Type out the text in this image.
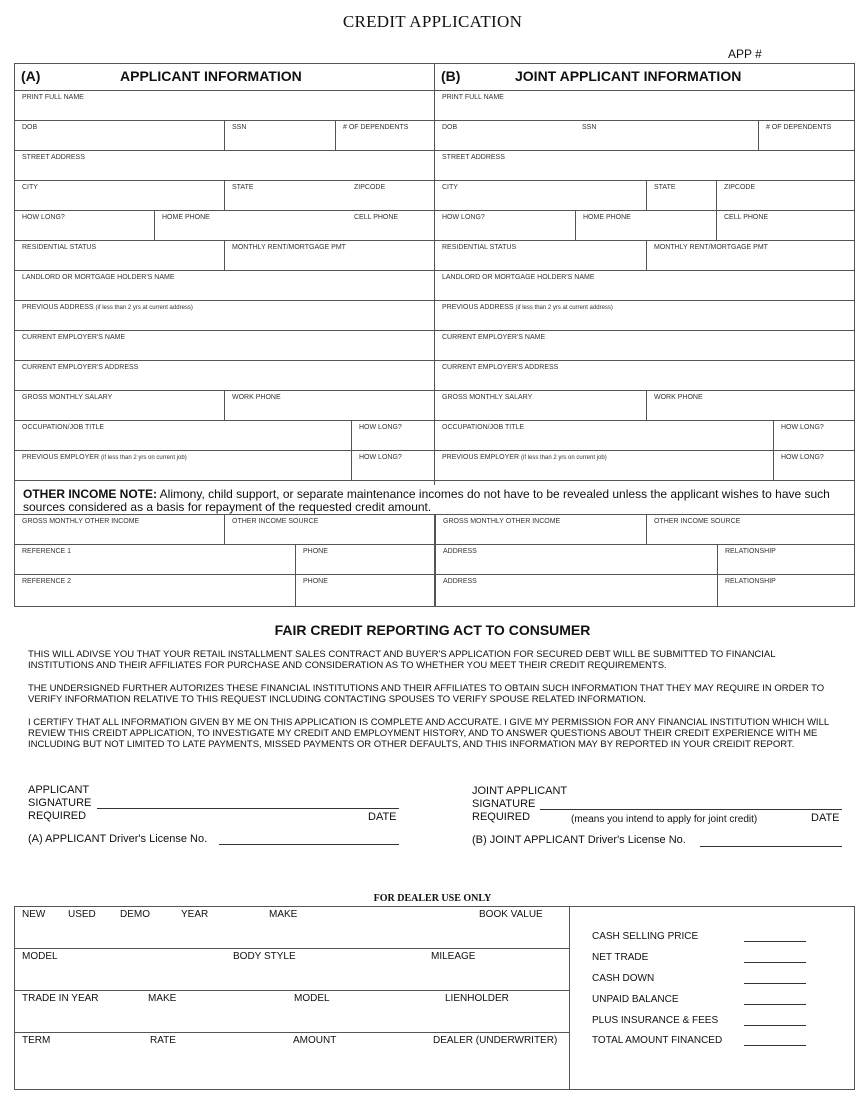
CREDIT APPLICATION
APP #
(A)	APPLICANT INFORMATION
PRINT FULL NAME
DOB	SSN	# OF DEPENDENTS
STREET ADDRESS
CITY	STATE	ZIPCODE
HOW LONG?	HOME PHONE	CELL PHONE
RESIDENTIAL STATUS	MONTHLY RENT/MORTGAGE PMT
LANDLORD OR MORTGAGE HOLDER'S NAME
PREVIOUS ADDRESS (if less than 2 yrs at current address)
CURRENT EMPLOYER'S NAME
CURRENT EMPLOYER'S ADDRESS
GROSS MONTHLY SALARY	WORK PHONE
OCCUPATION/JOB TITLE	HOW LONG?
PREVIOUS EMPLOYER (if less than 2 yrs on current job)	HOW LONG?
(B)	JOINT APPLICANT INFORMATION
PRINT FULL NAME
DOB	SSN	# OF DEPENDENTS
STREET ADDRESS
CITY	STATE	ZIPCODE
HOW LONG?	HOME PHONE	CELL PHONE
RESIDENTIAL STATUS	MONTHLY RENT/MORTGAGE PMT
LANDLORD OR MORTGAGE HOLDER'S NAME
PREVIOUS ADDRESS (if less than 2 yrs at current address)
CURRENT EMPLOYER'S NAME
CURRENT EMPLOYER'S ADDRESS
GROSS MONTHLY SALARY	WORK PHONE
OCCUPATION/JOB TITLE	HOW LONG?
PREVIOUS EMPLOYER (if less than 2 yrs on current job)	HOW LONG?
OTHER INCOME NOTE: Alimony, child support, or separate maintenance incomes do not have to be revealed unless the applicant wishes to have such sources considered as a basis for repayment of the requested credit amount.
GROSS MONTHLY OTHER INCOME	OTHER INCOME SOURCE	GROSS MONTHLY OTHER INCOME	OTHER INCOME SOURCE
REFERENCE 1	PHONE	ADDRESS	RELATIONSHIP
REFERENCE 2	PHONE	ADDRESS	RELATIONSHIP
FAIR CREDIT REPORTING ACT TO CONSUMER
THIS WILL ADIVSE YOU THAT YOUR RETAIL INSTALLMENT SALES CONTRACT AND BUYER'S APPLICATION FOR SECURED DEBT WILL BE SUBMITTED TO FINANCIAL INSTITUTIONS AND THEIR AFFILIATES FOR PURCHASE AND CONSIDERATION AS TO WHETHER YOU MEET THEIR CREDIT REQUIREMENTS.
THE UNDERSIGNED FURTHER AUTORIZES THESE FINANCIAL INSTITUTIONS AND THEIR AFFILIATES TO OBTAIN SUCH INFORMATION THAT THEY MAY REQUIRE IN ORDER TO VERIFY INFORMATION RELATIVE TO THIS REQUEST INCLUDING CONTACTING SPOUSES TO VERIFY SPOUSE RELATED INFORMATION.
I CERTIFY THAT ALL INFORMATION GIVEN BY ME ON THIS APPLICATION IS COMPLETE AND ACCURATE. I GIVE MY PERMISSION FOR ANY FINANCIAL INSTITUTION WHICH WILL REVIEW THIS CREIDT APPLICATION, TO INVESTIGATE MY CREDIT AND EMPLOYMENT HISTORY, AND TO ANSWER QUESTIONS ABOUT THEIR CREDIT EXPERIENCE WITH ME INCLUDING BUT NOT LIMITED TO LATE PAYMENTS, MISSED PAYMENTS OR OTHER DEFAULTS, AND THIS INFORMATION MAY BY REPORTED IN YOUR CREIDIT REPORT.
APPLICANT
SIGNATURE
REQUIRED	DATE
(A) APPLICANT Driver's License No.
JOINT APPLICANT
SIGNATURE
REQUIRED	(means you intend to apply for joint credit)	DATE
(B) JOINT APPLICANT Driver's License No.
FOR DEALER USE ONLY
NEW USED DEMO	YEAR	MAKE	BOOK VALUE
MODEL	BODY STYLE	MILEAGE
TRADE IN YEAR	MAKE	MODEL	LIENHOLDER
TERM	RATE	AMOUNT	DEALER (UNDERWRITER)
CASH SELLING PRICE
NET TRADE
CASH DOWN
UNPAID BALANCE
PLUS INSURANCE & FEES
TOTAL AMOUNT FINANCED
